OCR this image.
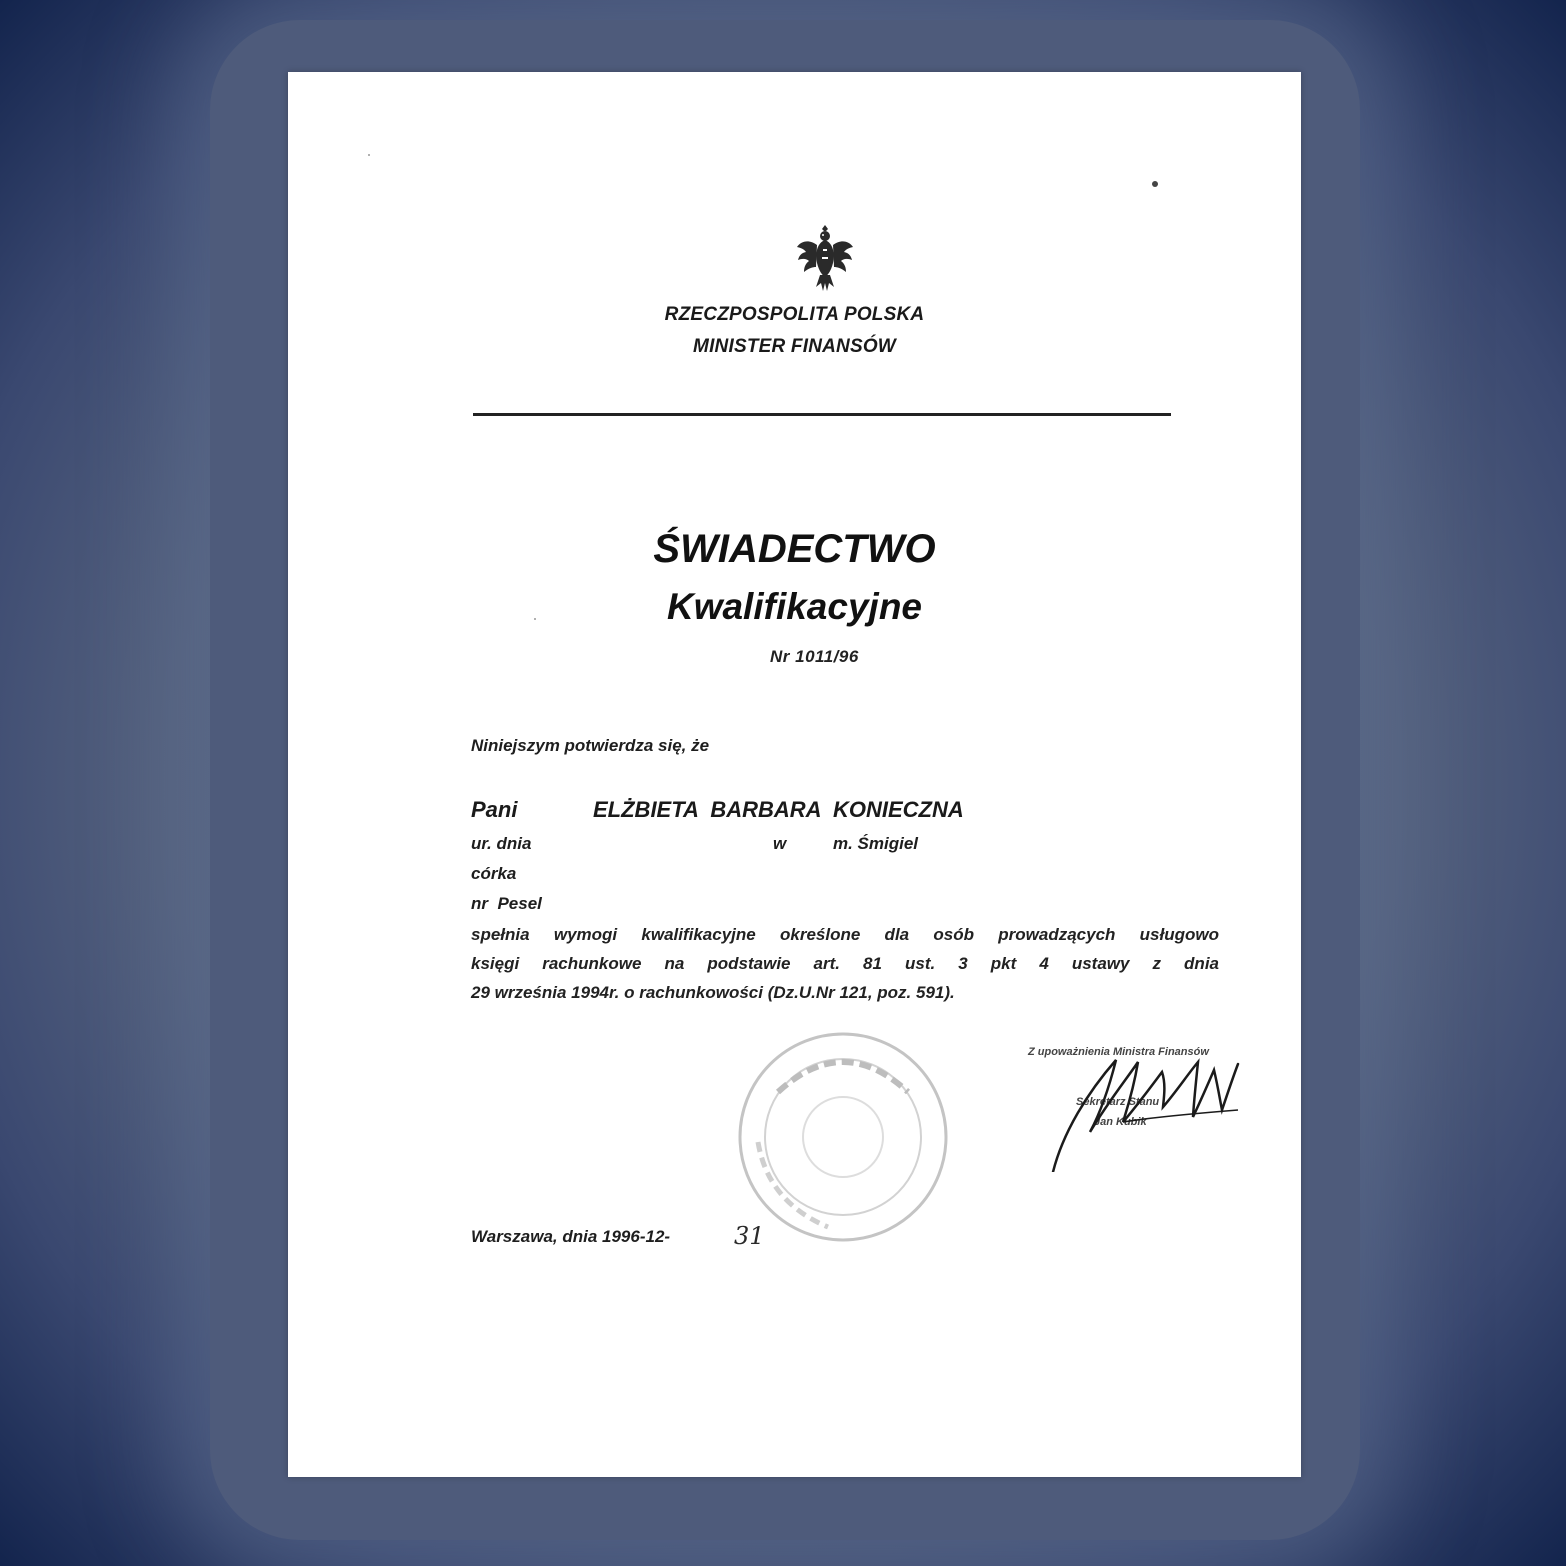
RZECZPOSPOLITA POLSKA
MINISTER FINANSÓW
ŚWIADECTWO
Kwalifikacyjne
Nr 1011/96
Niniejszym potwierdza się, że
Pani	ELŻBIETA  BARBARA  KONIECZNA
ur. dnia	w	m. Śmigiel
córka
nr  Pesel
spełnia wymogi kwalifikacyjne określone dla osób prowadzących usługowo
księgi rachunkowe na podstawie art. 81 ust. 3 pkt 4 ustawy z dnia
29 września 1994r. o rachunkowości (Dz.U.Nr 121, poz. 591).
Z upoważnienia Ministra Finansów
Sekretarz Stanu
Jan Kubik
Warszawa, dnia 1996-12-	31
